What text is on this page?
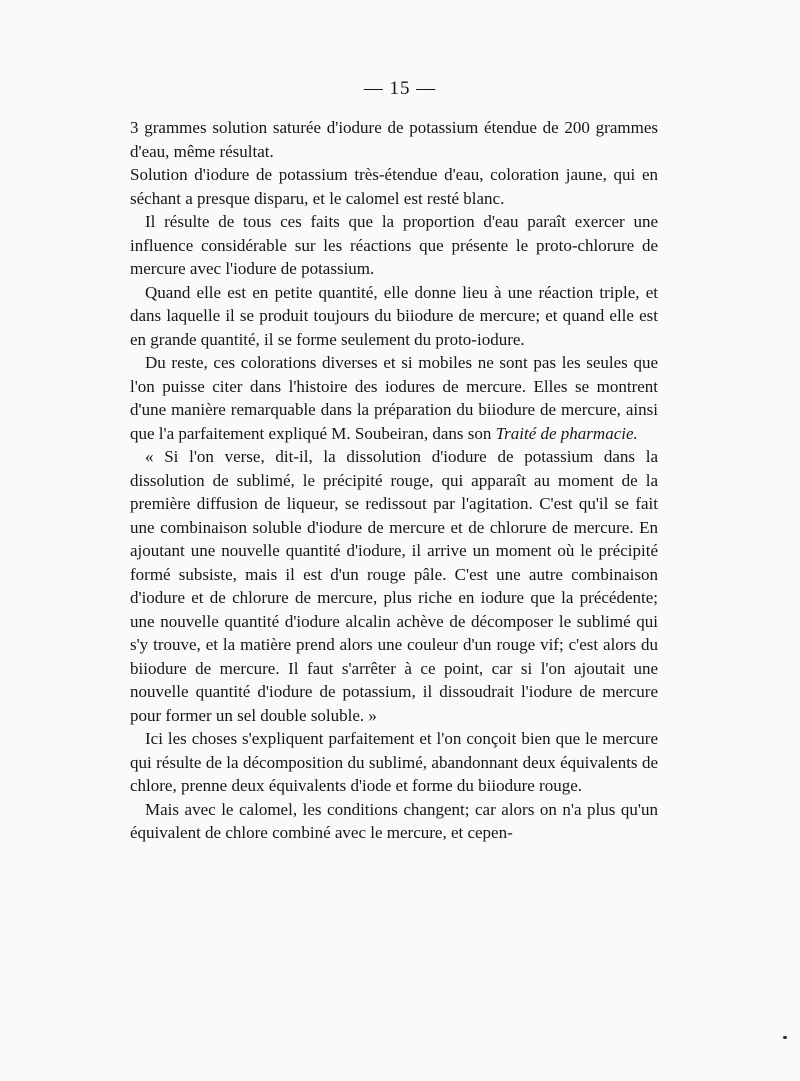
— 15 —

3 grammes solution saturée d'iodure de potassium étendue de 200 grammes d'eau, même résultat.

Solution d'iodure de potassium très-étendue d'eau, coloration jaune, qui en séchant a presque disparu, et le calomel est resté blanc.

Il résulte de tous ces faits que la proportion d'eau paraît exercer une influence considérable sur les réactions que présente le proto-chlorure de mercure avec l'iodure de potassium.

Quand elle est en petite quantité, elle donne lieu à une réaction triple, et dans laquelle il se produit toujours du biiodure de mercure; et quand elle est en grande quantité, il se forme seulement du proto-iodure.

Du reste, ces colorations diverses et si mobiles ne sont pas les seules que l'on puisse citer dans l'histoire des iodures de mercure. Elles se montrent d'une manière remarquable dans la préparation du biiodure de mercure, ainsi que l'a parfaitement expliqué M. Soubeiran, dans son Traité de pharmacie.

« Si l'on verse, dit-il, la dissolution d'iodure de potassium dans la dissolution de sublimé, le précipité rouge, qui apparaît au moment de la première diffusion de liqueur, se redissout par l'agitation. C'est qu'il se fait une combinaison soluble d'iodure de mercure et de chlorure de mercure. En ajoutant une nouvelle quantité d'iodure, il arrive un moment où le précipité formé subsiste, mais il est d'un rouge pâle. C'est une autre combinaison d'iodure et de chlorure de mercure, plus riche en iodure que la précédente; une nouvelle quantité d'iodure alcalin achève de décomposer le sublimé qui s'y trouve, et la matière prend alors une couleur d'un rouge vif; c'est alors du biiodure de mercure. Il faut s'arrêter à ce point, car si l'on ajoutait une nouvelle quantité d'iodure de potassium, il dissoudrait l'iodure de mercure pour former un sel double soluble. »

Ici les choses s'expliquent parfaitement et l'on conçoit bien que le mercure qui résulte de la décomposition du sublimé, abandonnant deux équivalents de chlore, prenne deux équivalents d'iode et forme du biiodure rouge.

Mais avec le calomel, les conditions changent; car alors on n'a plus qu'un équivalent de chlore combiné avec le mercure, et cepen-
